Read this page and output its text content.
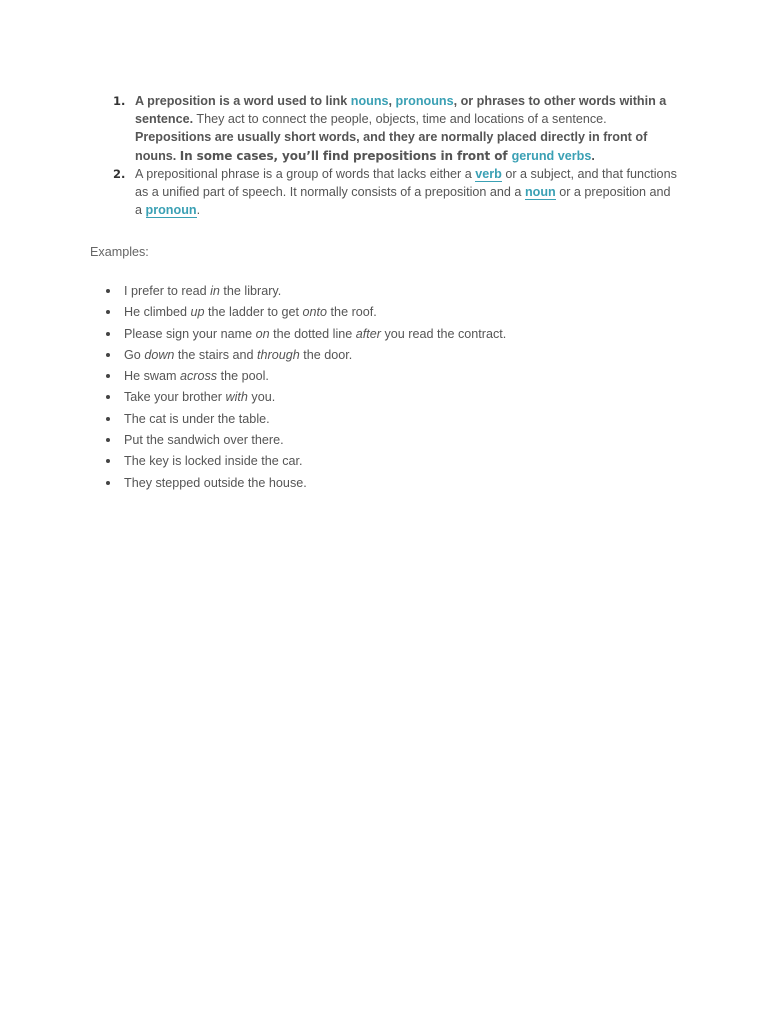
1. A preposition is a word used to link nouns, pronouns, or phrases to other words within a sentence. They act to connect the people, objects, time and locations of a sentence. Prepositions are usually short words, and they are normally placed directly in front of nouns. In some cases, you’ll find prepositions in front of gerund verbs.
2. A prepositional phrase is a group of words that lacks either a verb or a subject, and that functions as a unified part of speech. It normally consists of a preposition and a noun or a preposition and a pronoun.
Examples:
I prefer to read in the library.
He climbed up the ladder to get onto the roof.
Please sign your name on the dotted line after you read the contract.
Go down the stairs and through the door.
He swam across the pool.
Take your brother with you.
The cat is under the table.
Put the sandwich over there.
The key is locked inside the car.
They stepped outside the house.
